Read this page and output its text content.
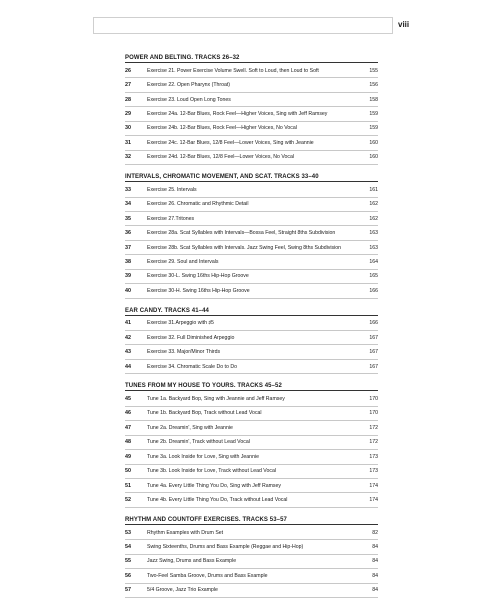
viii
POWER AND BELTING. TRACKS 26–32
26	Exercise 21. Power Exercise Volume Swell. Soft to Loud, then Loud to Soft	155
27	Exercise 22. Open Pharynx (Throat)	156
28	Exercise 23. Loud Open Long Tones	158
29	Exercise 24a. 12-Bar Blues, Rock Feel—Higher Voices, Sing with Jeff Ramsey	159
30	Exercise 24b. 12-Bar Blues, Rock Feel—Higher Voices, No Vocal	159
31	Exercise 24c. 12-Bar Blues, 12/8 Feel—Lower Voices, Sing with Jeannie	160
32	Exercise 24d. 12-Bar Blues, 12/8 Feel—Lower Voices, No Vocal	160
INTERVALS, CHROMATIC MOVEMENT, AND SCAT. TRACKS 33–40
33	Exercise 25. Intervals	161
34	Exercise 26. Chromatic and Rhythmic Detail	162
35	Exercise 27.Tritones	162
36	Exercise 28a. Scat Syllables with Intervals—Bossa Feel, Straight 8ths Subdivision	163
37	Exercise 28b. Scat Syllables with Intervals. Jazz Swing Feel, Swing 8ths Subdivision	163
38	Exercise 29. Soul and Intervals	164
39	Exercise 30-L. Swing 16ths Hip-Hop Groove	165
40	Exercise 30-H. Swing 16ths Hip-Hop Groove	166
EAR CANDY. TRACKS 41–44
41	Exercise 31.Arpeggio with ♯5	166
42	Exercise 32. Full Diminished Arpeggio	167
43	Exercise 33. Major/Minor Thirds	167
44	Exercise 34. Chromatic Scale Do to Do	167
TUNES FROM MY HOUSE TO YOURS. TRACKS 45–52
45	Tune 1a. Backyard Bop, Sing with Jeannie and Jeff Ramsey	170
46	Tune 1b. Backyard Bop, Track without Lead Vocal	170
47	Tune 2a. Dreamin', Sing with Jeannie	172
48	Tune 2b. Dreamin', Track without Lead Vocal	172
49	Tune 3a. Look Inside for Love, Sing with Jeannie	173
50	Tune 3b. Look Inside for Love, Track without Lead Vocal	173
51	Tune 4a. Every Little Thing You Do, Sing with Jeff Ramsey	174
52	Tune 4b. Every Little Thing You Do, Track without Lead Vocal	174
RHYTHM AND COUNTOFF EXERCISES. TRACKS 53–57
53	Rhythm Examples with Drum Set	82
54	Swing Sixteenths, Drums and Bass Example (Reggae and Hip-Hop)	84
55	Jazz Swing, Drums and Bass Example	84
56	Two-Feel Samba Groove, Drums and Bass Example	84
57	5/4 Groove, Jazz Trio Example	84
